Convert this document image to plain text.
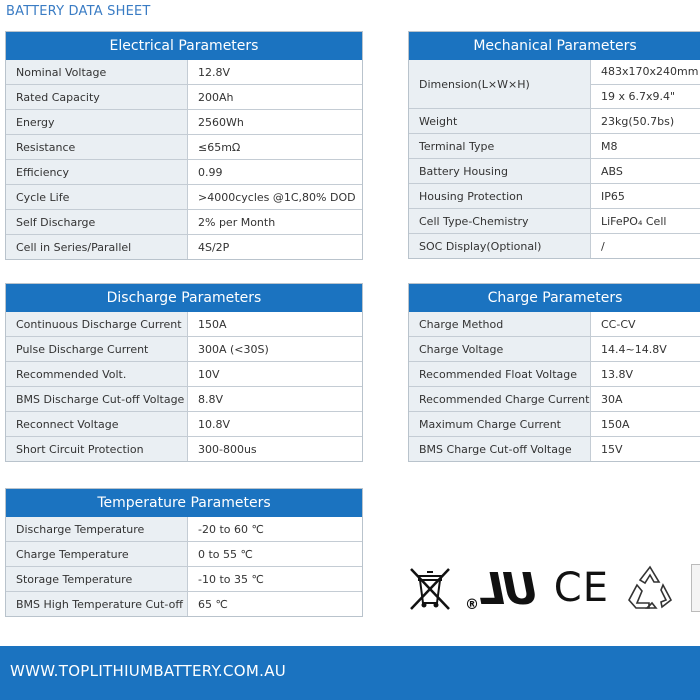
BATTERY DATA SHEET
Electrical Parameters
Nominal Voltage	12.8V
Rated Capacity	200Ah
Energy	2560Wh
Resistance	≤65mΩ
Efficiency	0.99
Cycle Life	>4000cycles @1C,80% DOD
Self Discharge	2% per Month
Cell in Series/Parallel	4S/2P
Mechanical Parameters
Dimension(L×W×H)
483x170x240mm
19 x 6.7x9.4"
Weight	23kg(50.7bs)
Terminal Type	M8
Battery Housing	ABS
Housing Protection	IP65
Cell Type-Chemistry	LiFePO₄ Cell
SOC Display(Optional)	/
Discharge Parameters
Continuous Discharge Current	150A
Pulse Discharge Current	300A (<30S)
Recommended Volt.	10V
BMS Discharge Cut-off Voltage	8.8V
Reconnect Voltage	10.8V
Short Circuit Protection	300-800us
Charge Parameters
Charge Method	CC-CV
Charge Voltage	14.4~14.8V
Recommended Float Voltage	13.8V
Recommended Charge Current	30A
Maximum Charge Current	150A
BMS Charge Cut-off Voltage	15V
Temperature Parameters
Discharge Temperature	-20 to 60 ℃
Charge Temperature	0 to 55 ℃
Storage Temperature	-10 to 35 ℃
BMS High Temperature Cut-off	65 ℃	® UL CE
WWW.TOPLITHIUMBATTERY.COM.AU
